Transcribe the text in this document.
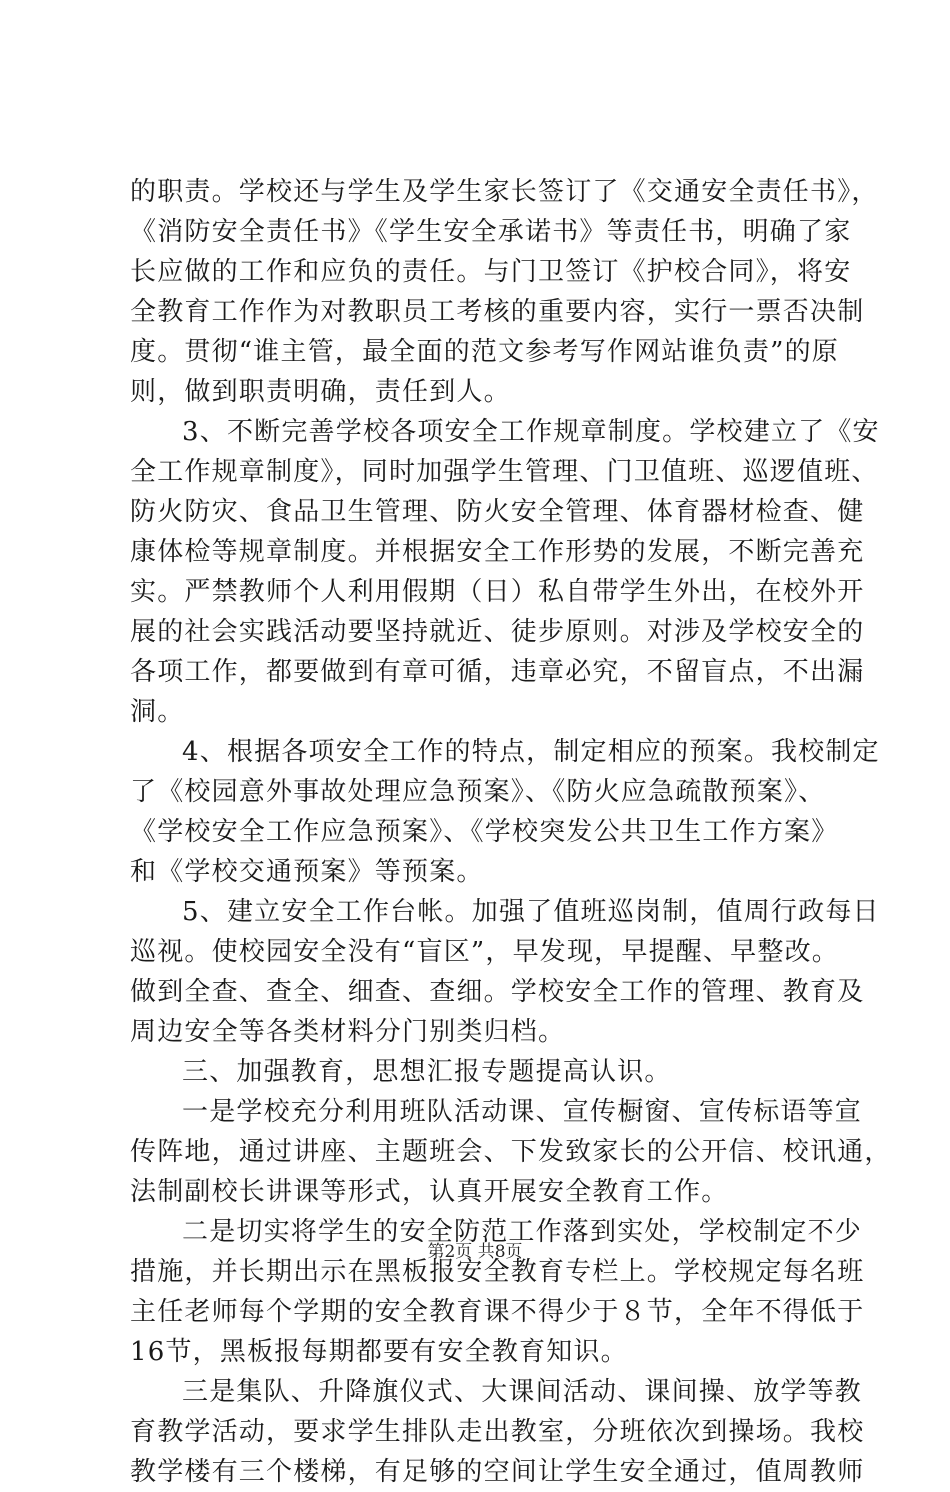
的职责。学校还与学生及学生家长签订了《交通安全责任书》，
《消防安全责任书》《学生安全承诺书》等责任书，明确了家
长应做的工作和应负的责任。与门卫签订《护校合同》，将安
全教育工作作为对教职员工考核的重要内容，实行一票否决制
度。贯彻“谁主管，最全面的范文参考写作网站谁负责”的原
则，做到职责明确，责任到人。
3、不断完善学校各项安全工作规章制度。学校建立了《安
全工作规章制度》，同时加强学生管理、门卫值班、巡逻值班、
防火防灾、食品卫生管理、防火安全管理、体育器材检查、健
康体检等规章制度。并根据安全工作形势的发展，不断完善充
实。严禁教师个人利用假期（日）私自带学生外出，在校外开
展的社会实践活动要坚持就近、徒步原则。对涉及学校安全的
各项工作，都要做到有章可循，违章必究，不留盲点，不出漏
洞。
4、根据各项安全工作的特点，制定相应的预案。我校制定
了《校园意外事故处理应急预案》、《防火应急疏散预案》、
《学校安全工作应急预案》、《学校突发公共卫生工作方案》
和《学校交通预案》等预案。
5、建立安全工作台帐。加强了值班巡岗制，值周行政每日
巡视。使校园安全没有“盲区”，早发现，早提醒、早整改。
做到全查、查全、细查、查细。学校安全工作的管理、教育及
周边安全等各类材料分门别类归档。
三、加强教育，思想汇报专题提高认识。
一是学校充分利用班队活动课、宣传橱窗、宣传标语等宣
传阵地，通过讲座、主题班会、下发致家长的公开信、校讯通，
法制副校长讲课等形式，认真开展安全教育工作。
二是切实将学生的安全防范工作落到实处，学校制定不少
措施，并长期出示在黑板报安全教育专栏上。学校规定每名班
主任老师每个学期的安全教育课不得少于８节，全年不得低于
16节，黑板报每期都要有安全教育知识。
三是集队、升降旗仪式、大课间活动、课间操、放学等教
育教学活动，要求学生排队走出教室，分班依次到操场。我校
教学楼有三个楼梯，有足够的空间让学生安全通过，值周教师
第2页 共8页
